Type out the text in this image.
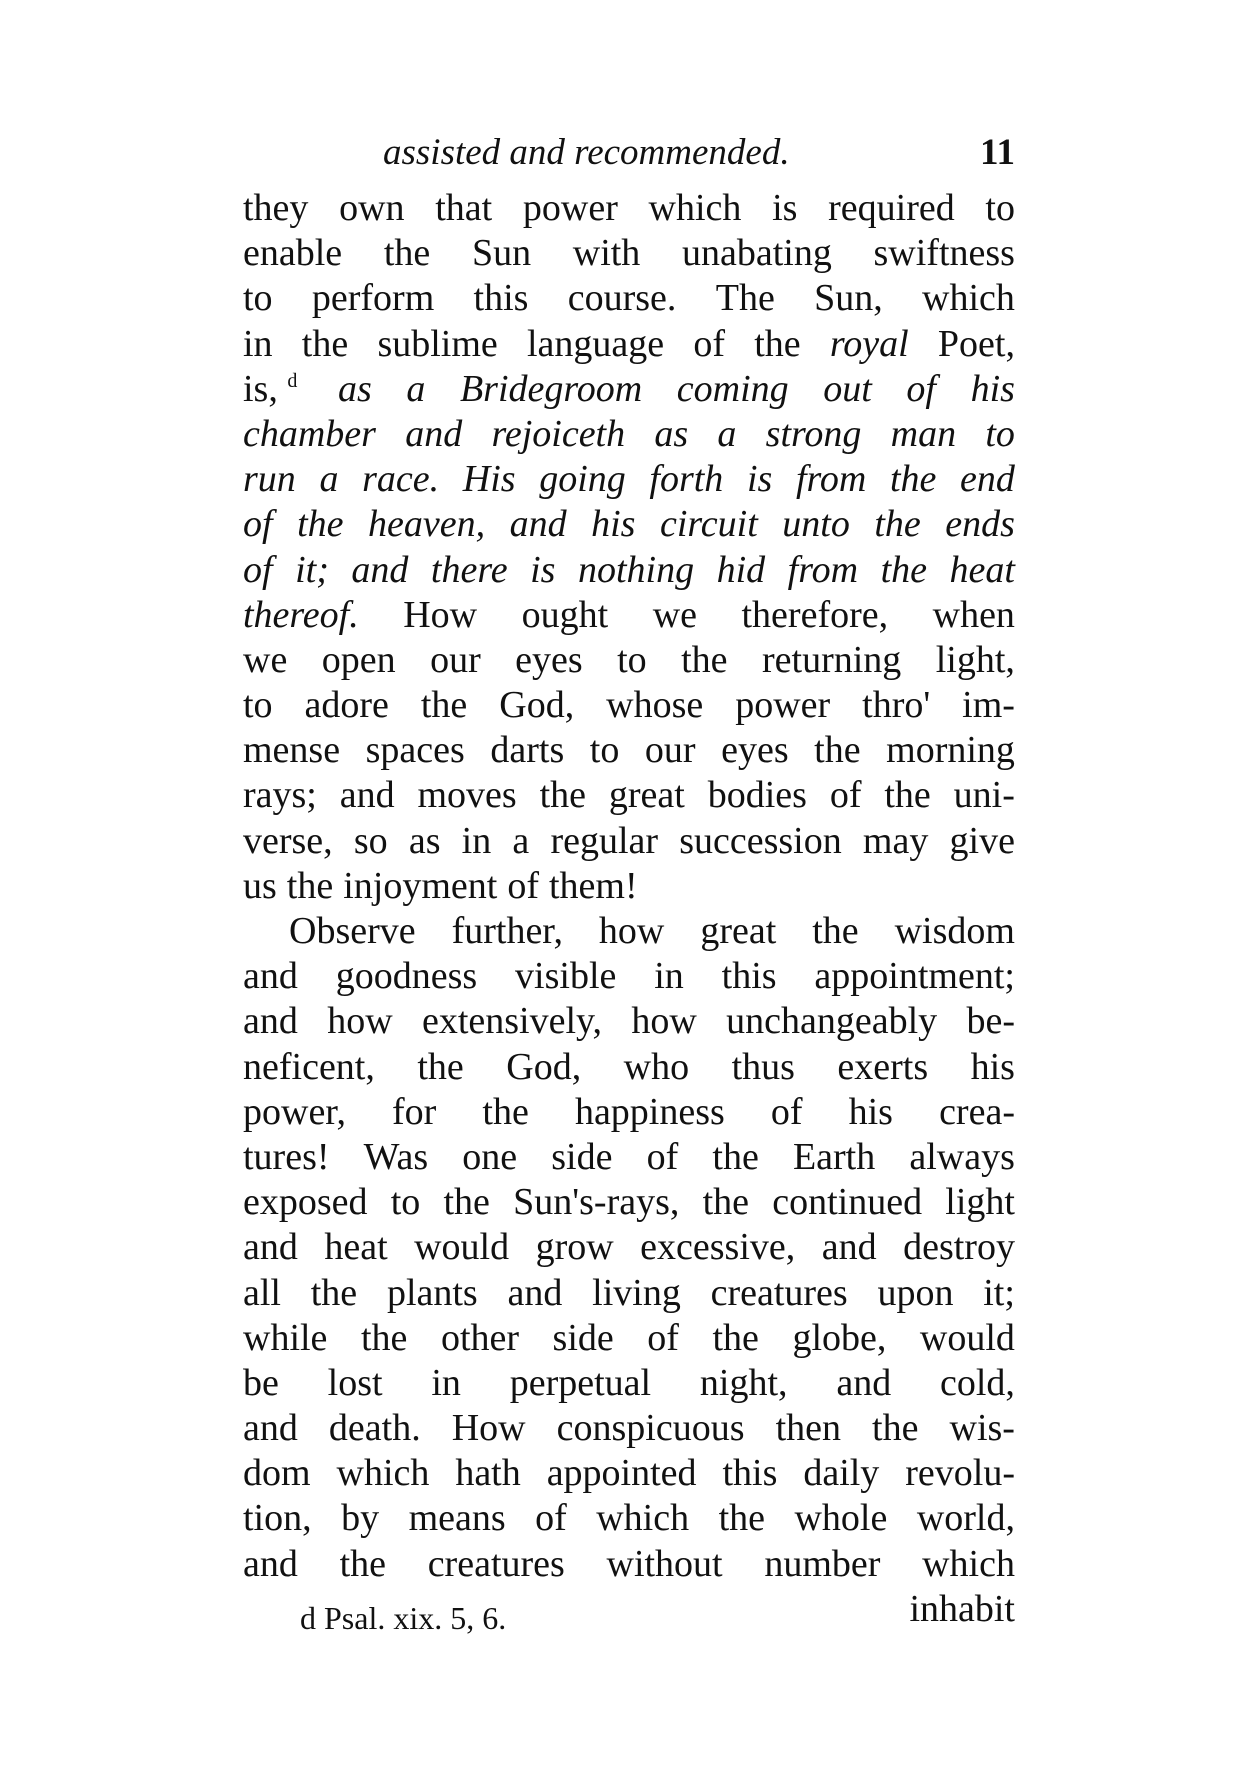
assisted and recommended.	11
they own that power which is required to
enable the Sun with unabating swiftness
to perform this course. The Sun, which
in the sublime language of the royal Poet,
is, $^d$ as a Bridegroom coming out of his
chamber and rejoiceth as a strong man to
run a race. His going forth is from the end
of the heaven, and his circuit unto the ends
of it; and there is nothing hid from the heat
thereof. How ought we therefore, when
we open our eyes to the returning light,
to adore the God, whose power thro' im-
mense spaces darts to our eyes the morning
rays; and moves the great bodies of the uni-
verse, so as in a regular succession may give
us the injoyment of them!
Observe further, how great the wisdom
and goodness visible in this appointment;
and how extensively, how unchangeably be-
neficent, the God, who thus exerts his
power, for the happiness of his crea-
tures! Was one side of the Earth always
exposed to the Sun's-rays, the continued light
and heat would grow excessive, and destroy
all the plants and living creatures upon it;
while the other side of the globe, would
be lost in perpetual night, and cold,
and death. How conspicuous then the wis-
dom which hath appointed this daily revolu-
tion, by means of which the whole world,
and the creatures without number which
inhabit
d Psal. xix. 5, 6.
